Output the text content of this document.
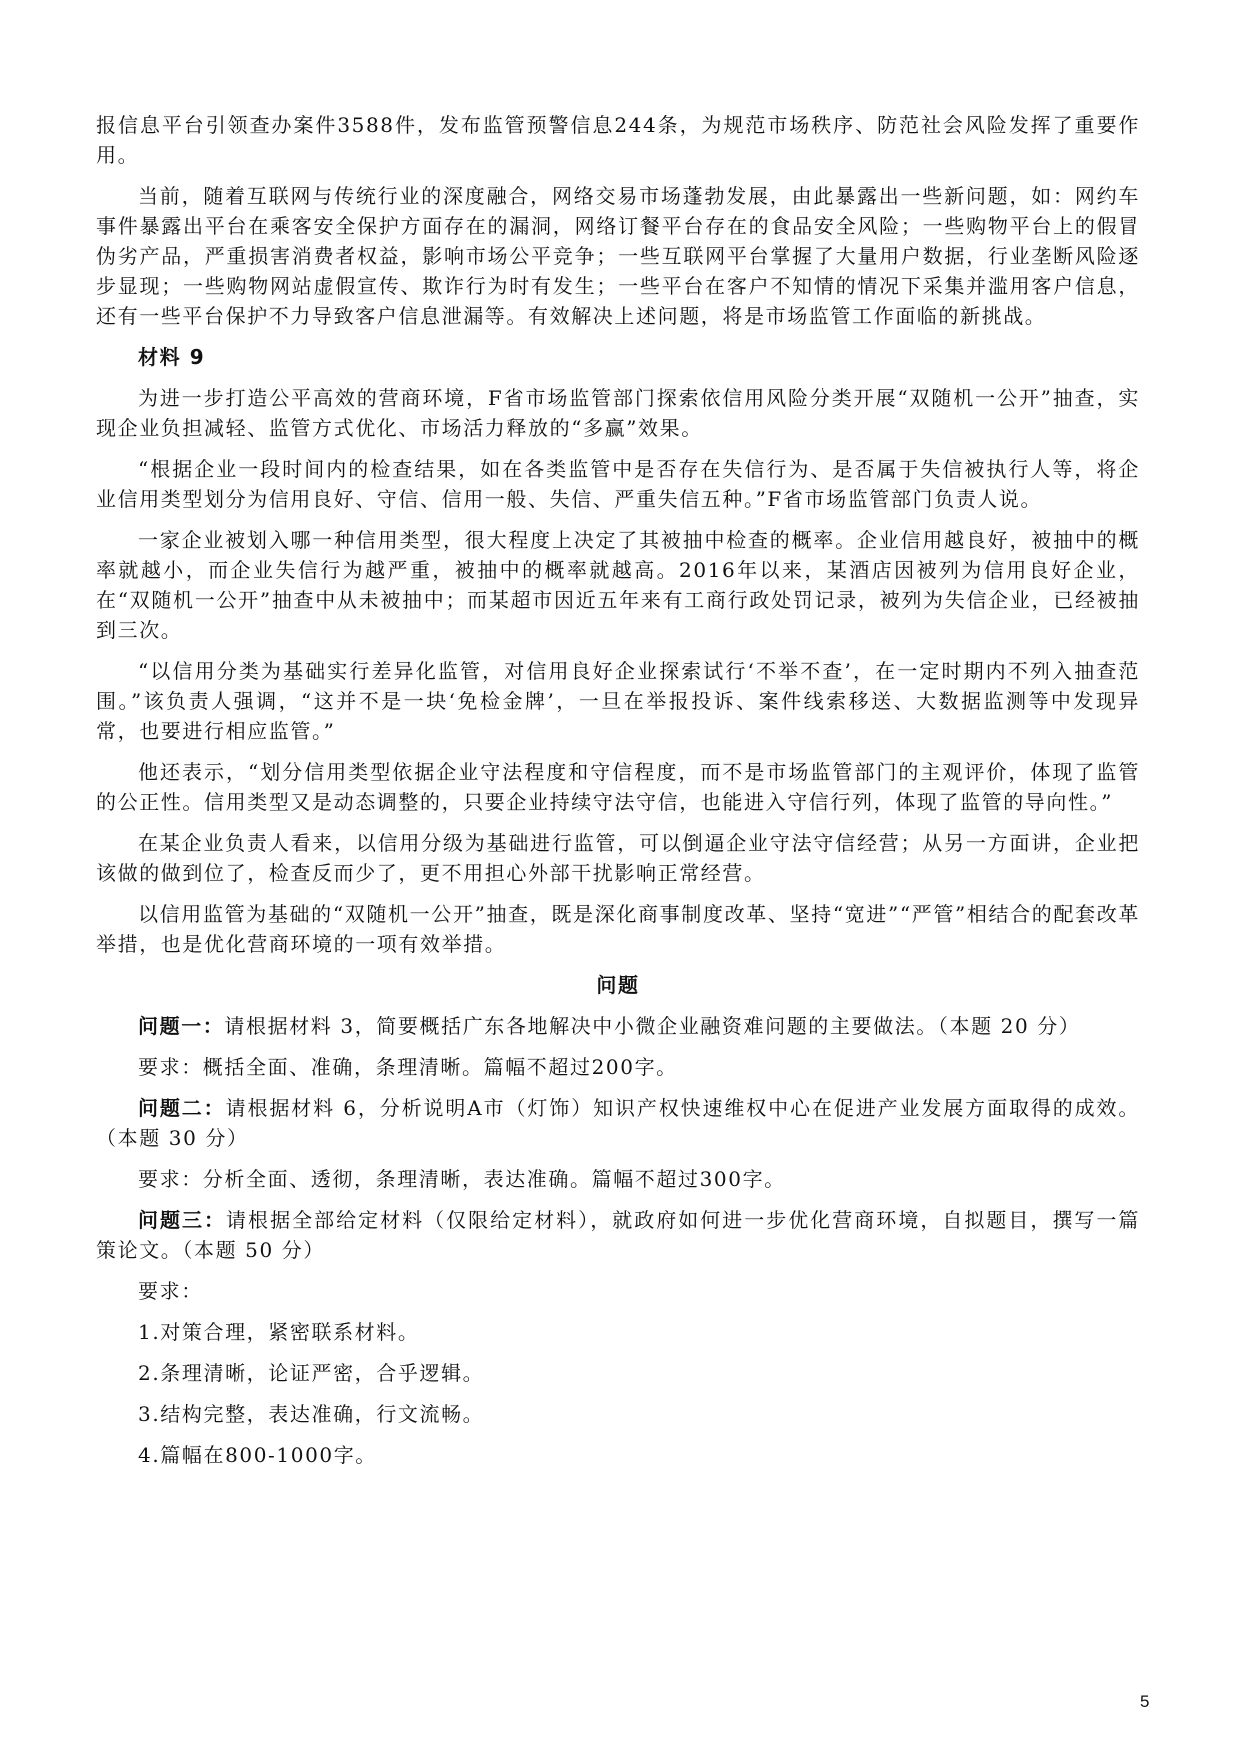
报信息平台引领查办案件3588件，发布监管预警信息244条，为规范市场秩序、防范社会风险发挥了重要作用。

当前，随着互联网与传统行业的深度融合，网络交易市场蓬勃发展，由此暴露出一些新问题，如：网约车事件暴露出平台在乘客安全保护方面存在的漏洞，网络订餐平台存在的食品安全风险；一些购物平台上的假冒伪劣产品，严重损害消费者权益，影响市场公平竞争；一些互联网平台掌握了大量用户数据，行业垄断风险逐步显现；一些购物网站虚假宣传、欺诈行为时有发生；一些平台在客户不知情的情况下采集并滥用客户信息，还有一些平台保护不力导致客户信息泄漏等。有效解决上述问题，将是市场监管工作面临的新挑战。

材料 9

为进一步打造公平高效的营商环境，F省市场监管部门探索依信用风险分类开展“双随机一公开”抽查，实现企业负担减轻、监管方式优化、市场活力释放的“多赢”效果。

“根据企业一段时间内的检查结果，如在各类监管中是否存在失信行为、是否属于失信被执行人等，将企业信用类型划分为信用良好、守信、信用一般、失信、严重失信五种。”F省市场监管部门负责人说。

一家企业被划入哪一种信用类型，很大程度上决定了其被抽中检查的概率。企业信用越良好，被抽中的概率就越小，而企业失信行为越严重，被抽中的概率就越高。2016年以来，某酒店因被列为信用良好企业， 在“双随机一公开”抽查中从未被抽中；而某超市因近五年来有工商行政处罚记录，被列为失信企业，已经被抽到三次。

“以信用分类为基础实行差异化监管，对信用良好企业探索试行‘不举不查’，在一定时期内不列入抽查范围。”该负责人强调，“这并不是一块‘免检金牌’，一旦在举报投诉、案件线索移送、大数据监测等中发现异常，也要进行相应监管。”

他还表示，“划分信用类型依据企业守法程度和守信程度，而不是市场监管部门的主观评价，体现了监管的公正性。信用类型又是动态调整的，只要企业持续守法守信，也能进入守信行列，体现了监管的导向性。”

在某企业负责人看来，以信用分级为基础进行监管，可以倒逼企业守法守信经营；从另一方面讲，企业把该做的做到位了，检查反而少了，更不用担心外部干扰影响正常经营。

以信用监管为基础的“双随机一公开”抽查，既是深化商事制度改革、坚持“宽进”“严管”相结合的配套改革举措，也是优化营商环境的一项有效举措。

问题

问题一：请根据材料 3，简要概括广东各地解决中小微企业融资难问题的主要做法。（本题 20 分）

要求：概括全面、准确，条理清晰。篇幅不超过200字。

问题二：请根据材料 6，分析说明A市（灯饰）知识产权快速维权中心在促进产业发展方面取得的成效。（本题 30 分）

要求：分析全面、透彻，条理清晰，表达准确。篇幅不超过300字。

问题三：请根据全部给定材料（仅限给定材料），就政府如何进一步优化营商环境，自拟题目，撰写一篇策论文。（本题 50 分）

要求：

1.对策合理，紧密联系材料。

2.条理清晰，论证严密，合乎逻辑。

3.结构完整，表达准确，行文流畅。

4.篇幅在800-1000字。

5
